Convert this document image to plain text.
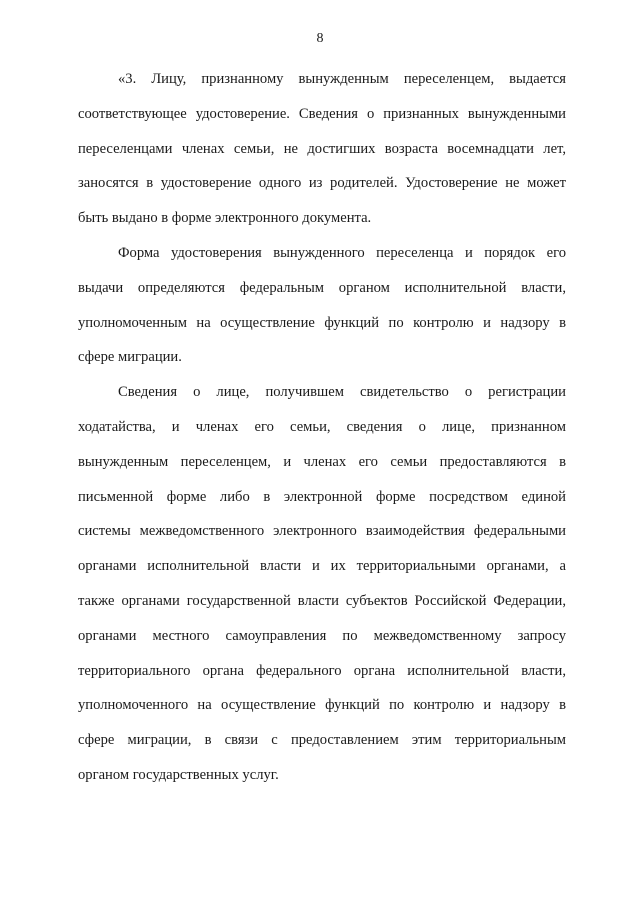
8
«3. Лицу, признанному вынужденным переселенцем, выдается
соответствующее удостоверение. Сведения о признанных вынужденными
переселенцами членах семьи, не достигших возраста восемнадцати лет,
заносятся в удостоверение одного из родителей. Удостоверение не может
быть выдано в форме электронного документа.
Форма удостоверения вынужденного переселенца и порядок его
выдачи определяются федеральным органом исполнительной власти,
уполномоченным на осуществление функций по контролю и надзору в
сфере миграции.
Сведения о лице, получившем свидетельство о регистрации
ходатайства, и членах его семьи, сведения о лице, признанном
вынужденным переселенцем, и членах его семьи предоставляются в
письменной форме либо в электронной форме посредством единой
системы межведомственного электронного взаимодействия федеральными
органами исполнительной власти и их территориальными органами, а
также органами государственной власти субъектов Российской Федерации,
органами местного самоуправления по межведомственному запросу
территориального органа федерального органа исполнительной власти,
уполномоченного на осуществление функций по контролю и надзору в
сфере миграции, в связи с предоставлением этим территориальным
органом государственных услуг.
